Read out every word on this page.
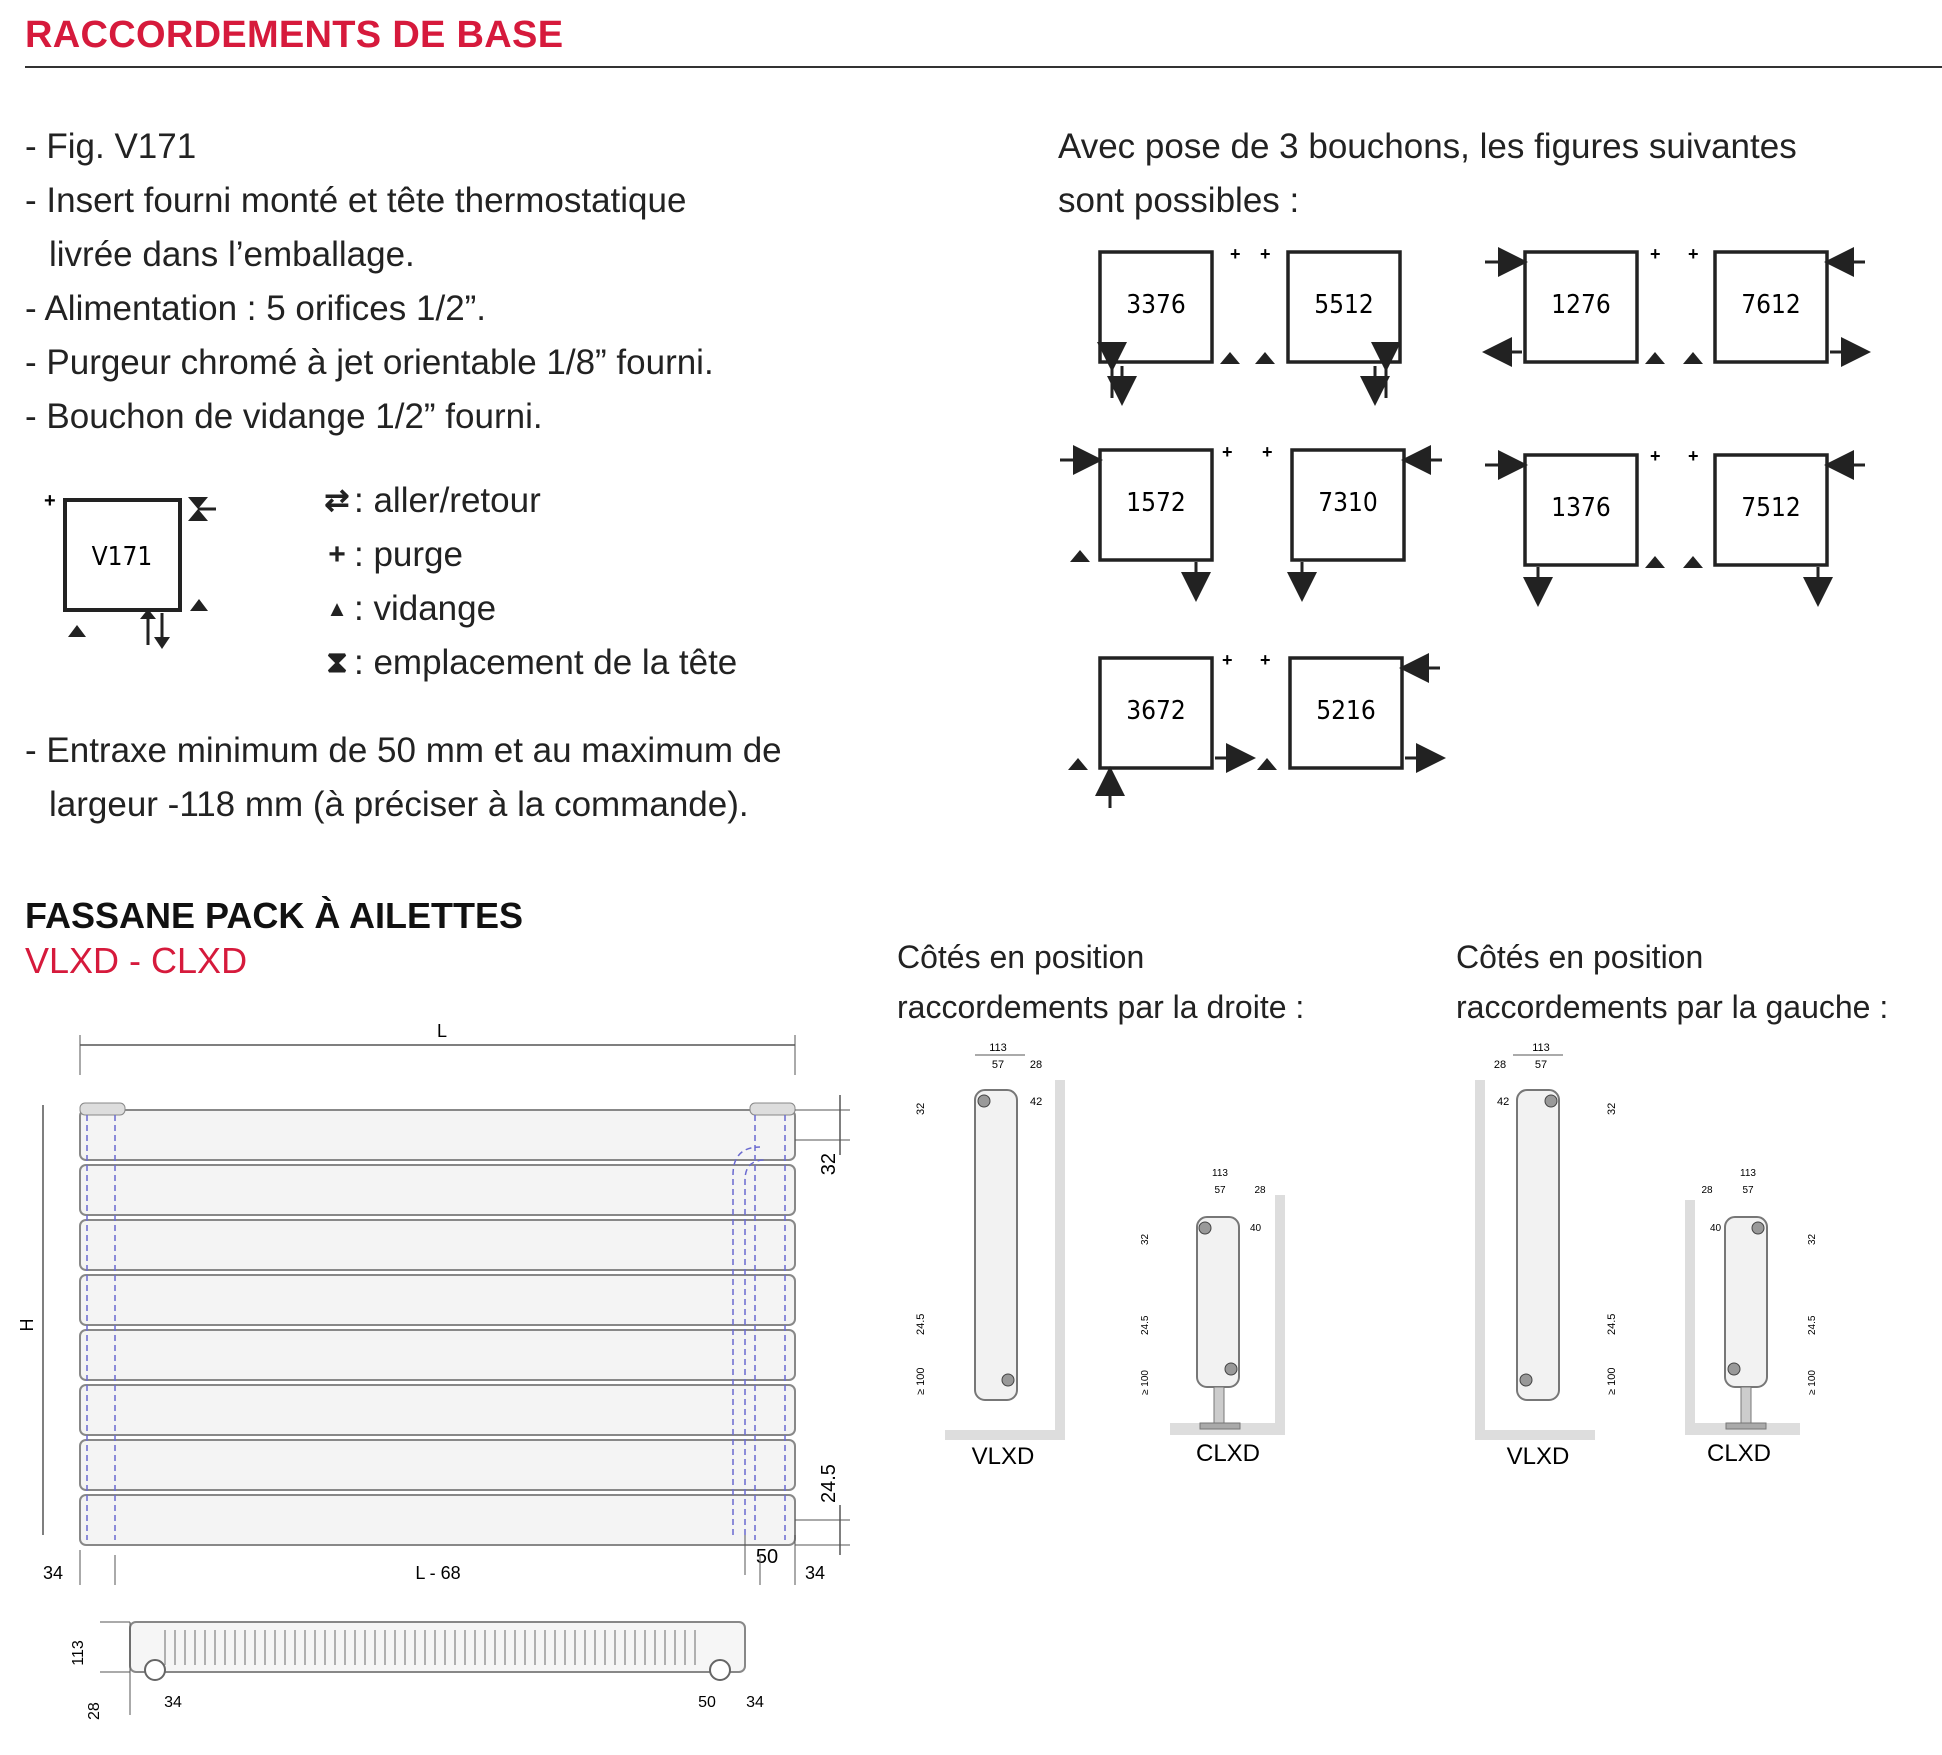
RACCORDEMENTS DE BASE
- Fig. V171
- Insert fourni monté et tête thermostatique
livrée dans l’emballage.
- Alimentation : 5 orifices 1/2”.
- Purgeur chromé à jet orientable 1/8” fourni.
- Bouchon de vidange 1/2” fourni.
V171
+	⇄ : aller/retour
+ : purge
▲ : vidange
⧗ : emplacement de la tête
- Entraxe minimum de 50 mm et au maximum de
largeur -118 mm (à préciser à la commande).
Avec pose de 3 bouchons, les figures suivantes
sont possibles :
3376
+
5512
+
1276
+
7612
+
1572
+
7310
+
1376
+
7512
+
3672
+
5216
+
FASSANE PACK À AILETTES
VLXD - CLXD
L
H
32
24.5
50
34	L - 68	34
113
28	34	50 34
Côtés en position
raccordements par la droite :
Côtés en position
raccordements par la gauche :
113
57 28
42
32
24.5
≥ 100
VLXD
113
57	28
40
32
24.5
≥ 100
CLXD
113
57
28
42
32
24.5
≥ 100
VLXD
113
57
28
40
32
24.5
≥ 100
CLXD
